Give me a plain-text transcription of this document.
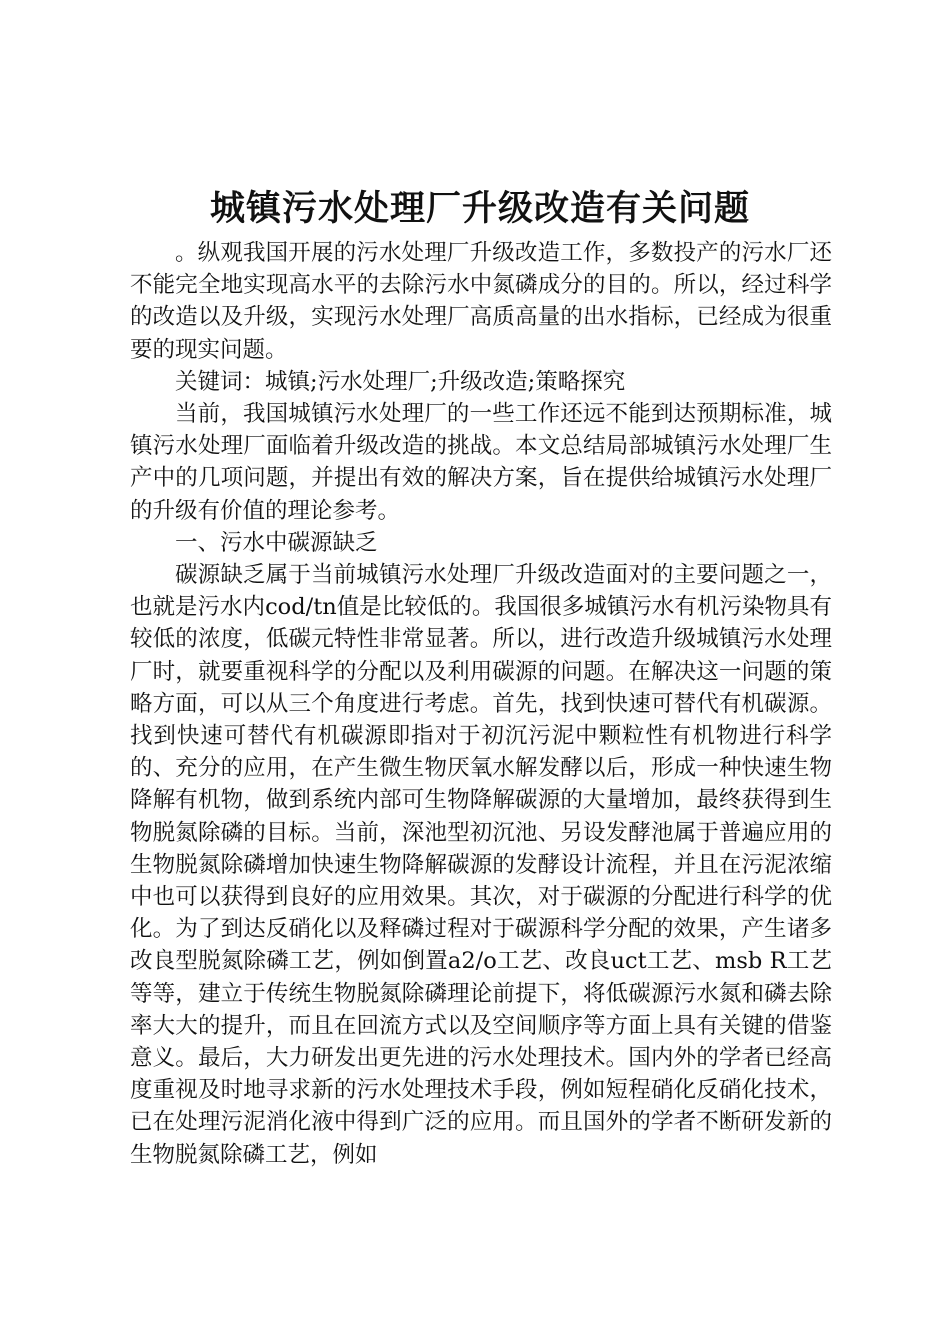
城镇污水处理厂升级改造有关问题

。纵观我国开展的污水处理厂升级改造工作，多数投产的污水厂还不能完全地实现高水平的去除污水中氮磷成分的目的。所以，经过科学的改造以及升级，实现污水处理厂高质高量的出水指标，已经成为很重要的现实问题。

关键词：城镇;污水处理厂;升级改造;策略探究

当前，我国城镇污水处理厂的一些工作还远不能到达预期标准，城镇污水处理厂面临着升级改造的挑战。本文总结局部城镇污水处理厂生产中的几项问题，并提出有效的解决方案，旨在提供给城镇污水处理厂的升级有价值的理论参考。

一、污水中碳源缺乏

碳源缺乏属于当前城镇污水处理厂升级改造面对的主要问题之一，也就是污水内cod/tn值是比较低的。我国很多城镇污水有机污染物具有较低的浓度，低碳元特性非常显著。所以，进行改造升级城镇污水处理厂时，就要重视科学的分配以及利用碳源的问题。在解决这一问题的策略方面，可以从三个角度进行考虑。首先，找到快速可替代有机碳源。找到快速可替代有机碳源即指对于初沉污泥中颗粒性有机物进行科学的、充分的应用，在产生微生物厌氧水解发酵以后，形成一种快速生物降解有机物，做到系统内部可生物降解碳源的大量增加，最终获得到生物脱氮除磷的目标。当前，深池型初沉池、另设发酵池属于普遍应用的生物脱氮除磷增加快速生物降解碳源的发酵设计流程，并且在污泥浓缩中也可以获得到良好的应用效果。其次，对于碳源的分配进行科学的优化。为了到达反硝化以及释磷过程对于碳源科学分配的效果，产生诸多改良型脱氮除磷工艺，例如倒置a2/o工艺、改良uct工艺、msb R工艺等等，建立于传统生物脱氮除磷理论前提下，将低碳源污水氮和磷去除率大大的提升，而且在回流方式以及空间顺序等方面上具有关键的借鉴意义。最后，大力研发出更先进的污水处理技术。国内外的学者已经高度重视及时地寻求新的污水处理技术手段，例如短程硝化反硝化技术，已在处理污泥消化液中得到广泛的应用。而且国外的学者不断研发新的生物脱氮除磷工艺，例如
